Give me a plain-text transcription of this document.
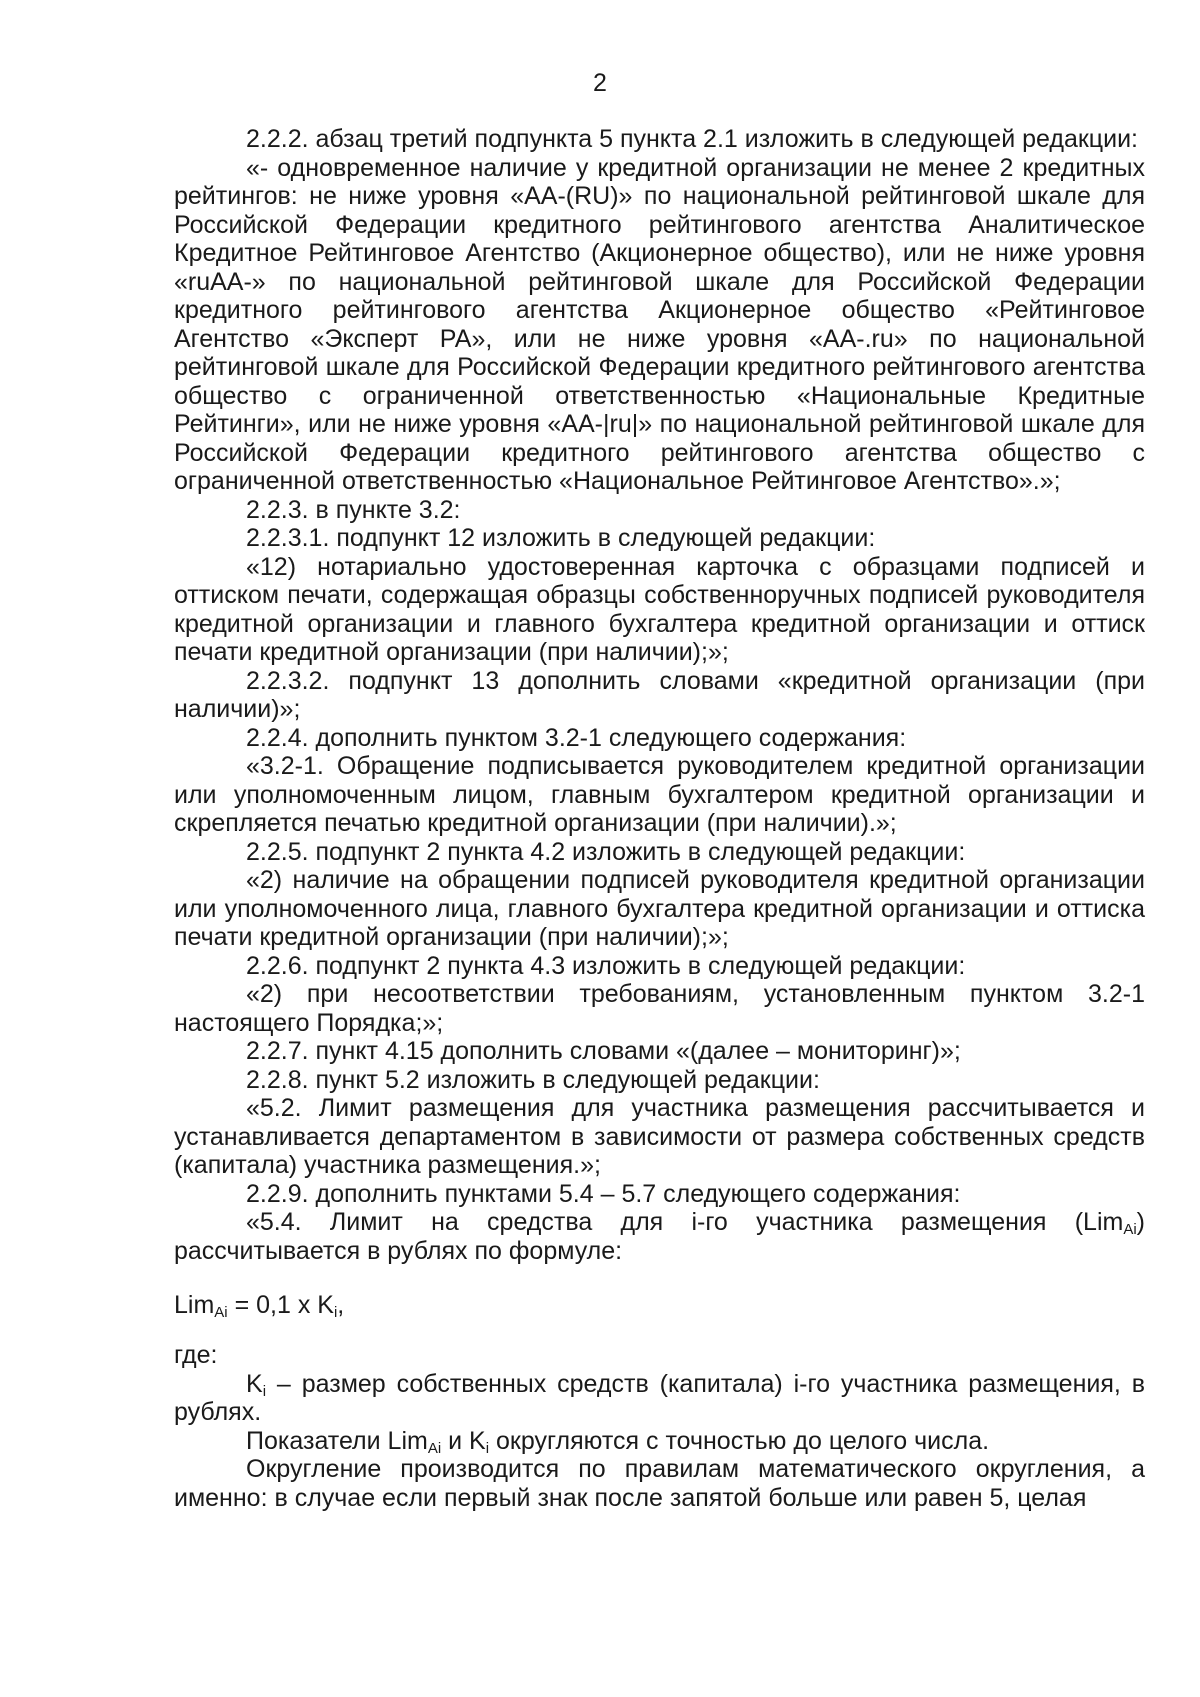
2

2.2.2. абзац третий подпункта 5 пункта 2.1 изложить в следующей редакции:

«- одновременное наличие у кредитной организации не менее 2 кредитных рейтингов: не ниже уровня «AA-(RU)» по национальной рейтинговой шкале для Российской Федерации кредитного рейтингового агентства Аналитическое Кредитное Рейтинговое Агентство (Акционерное общество), или не ниже уровня «ruAA-» по национальной рейтинговой шкале для Российской Федерации кредитного рейтингового агентства Акционерное общество «Рейтинговое Агентство «Эксперт РА», или не ниже уровня «AA-.ru» по национальной рейтинговой шкале для Российской Федерации кредитного рейтингового агентства общество с ограниченной ответственностью «Национальные Кредитные Рейтинги», или не ниже уровня «AA-|ru|» по национальной рейтинговой шкале для Российской Федерации кредитного рейтингового агентства общество с ограниченной ответственностью «Национальное Рейтинговое Агентство».»;

2.2.3. в пункте 3.2:

2.2.3.1. подпункт 12 изложить в следующей редакции:

«12) нотариально удостоверенная карточка с образцами подписей и оттиском печати, содержащая образцы собственноручных подписей руководителя кредитной организации и главного бухгалтера кредитной организации и оттиск печати кредитной организации (при наличии);»;

2.2.3.2. подпункт 13 дополнить словами «кредитной организации (при наличии)»;

2.2.4. дополнить пунктом 3.2-1 следующего содержания:

«3.2-1. Обращение подписывается руководителем кредитной организации или уполномоченным лицом, главным бухгалтером кредитной организации и скрепляется печатью кредитной организации (при наличии).»;

2.2.5. подпункт 2 пункта 4.2 изложить в следующей редакции:

«2) наличие на обращении подписей руководителя кредитной организации или уполномоченного лица, главного бухгалтера кредитной организации и оттиска печати кредитной организации (при наличии);»;

2.2.6. подпункт 2 пункта 4.3 изложить в следующей редакции:

«2) при несоответствии требованиям, установленным пунктом 3.2-1 настоящего Порядка;»;

2.2.7. пункт 4.15 дополнить словами «(далее – мониторинг)»;

2.2.8. пункт 5.2 изложить в следующей редакции:

«5.2. Лимит размещения для участника размещения рассчитывается и устанавливается департаментом в зависимости от размера собственных средств (капитала) участника размещения.»;

2.2.9. дополнить пунктами 5.4 – 5.7 следующего содержания:

«5.4. Лимит на средства для i-го участника размещения (Lim$_{Ai}$) рассчитывается в рублях по формуле:

Lim$_{Ai}$ = 0,1 x $K_i$,

где:

$K_i$ – размер собственных средств (капитала) i-го участника размещения, в рублях.

Показатели Lim$_{Ai}$ и $K_i$ округляются с точностью до целого числа.

Округление производится по правилам математического округления, а именно: в случае если первый знак после запятой больше или равен 5, целая
